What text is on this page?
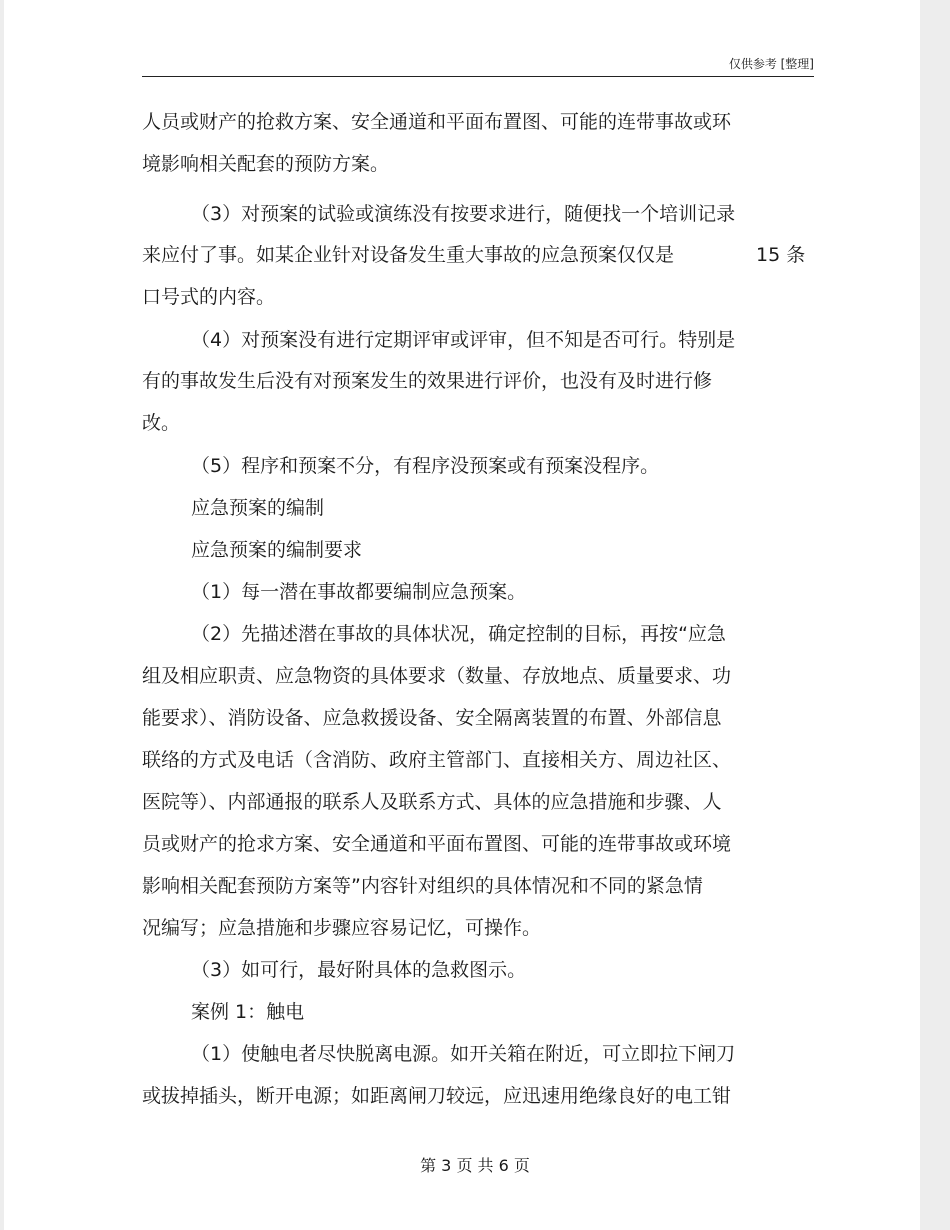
仅供参考 [整理]
人员或财产的抢救方案、安全通道和平面布置图、可能的连带事故或环
境影响相关配套的预防方案。
（3）对预案的试验或演练没有按要求进行，随便找一个培训记录
来应付了事。如某企业针对设备发生重大事故的应急预案仅仅是	15 条
口号式的内容。
（4）对预案没有进行定期评审或评审，但不知是否可行。特别是
有的事故发生后没有对预案发生的效果进行评价，也没有及时进行修
改。
（5）程序和预案不分，有程序没预案或有预案没程序。
应急预案的编制
应急预案的编制要求
（1）每一潜在事故都要编制应急预案。
（2）先描述潜在事故的具体状况，确定控制的目标，再按“应急
组及相应职责、应急物资的具体要求（数量、存放地点、质量要求、功
能要求）、消防设备、应急救援设备、安全隔离装置的布置、外部信息
联络的方式及电话（含消防、政府主管部门、直接相关方、周边社区、
医院等）、内部通报的联系人及联系方式、具体的应急措施和步骤、人
员或财产的抢求方案、安全通道和平面布置图、可能的连带事故或环境
影响相关配套预防方案等”内容针对组织的具体情况和不同的紧急情
况编写；应急措施和步骤应容易记忆，可操作。
（3）如可行，最好附具体的急救图示。
案例 1：触电
（1）使触电者尽快脱离电源。如开关箱在附近，可立即拉下闸刀
或拔掉插头，断开电源；如距离闸刀较远，应迅速用绝缘良好的电工钳
第 3 页 共 6 页
